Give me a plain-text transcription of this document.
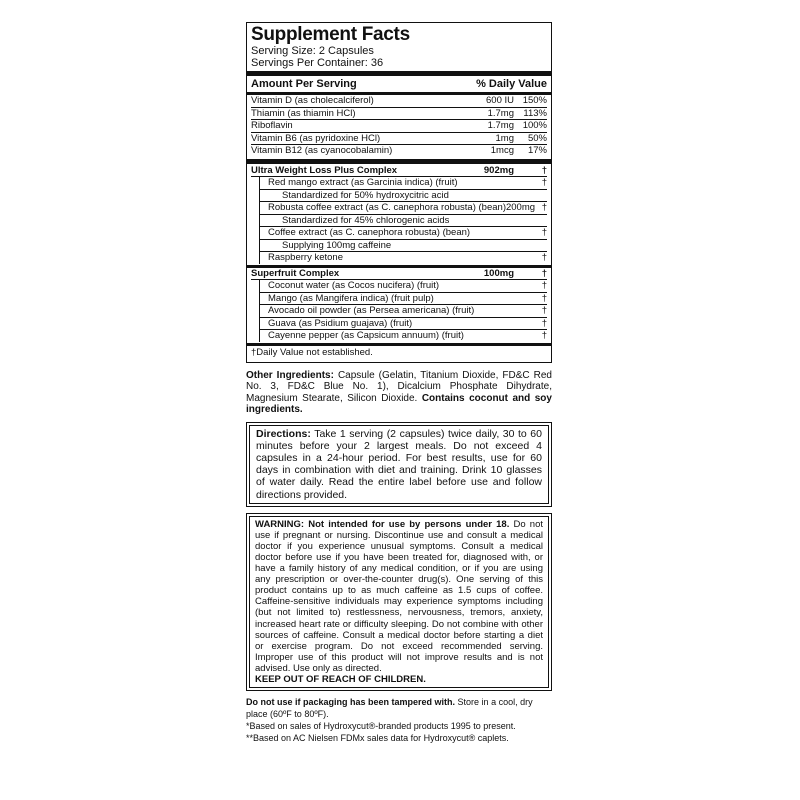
Supplement Facts
Serving Size: 2 Capsules
Servings Per Container: 36
Amount Per Serving	% Daily Value
Vitamin D (as cholecalciferol)	600 IU 150%
Thiamin (as thiamin HCl)	1.7mg 113%
Riboflavin	1.7mg 100%
Vitamin B6 (as pyridoxine HCl)	1mg	50%
Vitamin B12 (as cyanocobalamin)	1mcg	17%
Ultra Weight Loss Plus Complex	902mg	†
Red mango extract (as Garcinia indica) (fruit)	†
Standardized for 50% hydroxycitric acid
Robusta coffee extract (as C. canephora robusta) (bean) 200mg †
Standardized for 45% chlorogenic acids
Coffee extract (as C. canephora robusta) (bean)	†
Supplying 100mg caffeine
Raspberry ketone	†
Superfruit Complex	100mg	†
Coconut water (as Cocos nucifera) (fruit)	†
Mango (as Mangifera indica) (fruit pulp)	†
Avocado oil powder (as Persea americana) (fruit)	†
Guava (as Psidium guajava) (fruit)	†
Cayenne pepper (as Capsicum annuum) (fruit)	†
†Daily Value not established.
Other Ingredients: Capsule (Gelatin, Titanium Dioxide, FD&C Red No. 3, FD&C Blue No. 1), Dicalcium Phosphate Dihydrate, Magnesium Stearate, Silicon Dioxide. Contains coconut and soy ingredients.
Directions: Take 1 serving (2 capsules) twice daily, 30 to 60 minutes before your 2 largest meals. Do not exceed 4 capsules in a 24-hour period. For best results, use for 60 days in combination with diet and training. Drink 10 glasses of water daily. Read the entire label before use and follow directions provided.
WARNING: Not intended for use by persons under 18. Do not use if pregnant or nursing. Discontinue use and consult a medical doctor if you experience unusual symptoms. Consult a medical doctor before use if you have been treated for, diagnosed with, or have a family history of any medical condition, or if you are using any prescription or over-the-counter drug(s). One serving of this product contains up to as much caffeine as 1.5 cups of coffee. Caffeine-sensitive individuals may experience symptoms including (but not limited to) restlessness, nervousness, tremors, anxiety, increased heart rate or difficulty sleeping. Do not combine with other sources of caffeine. Consult a medical doctor before starting a diet or exercise program. Do not exceed recommended serving. Improper use of this product will not improve results and is not advised. Use only as directed.
KEEP OUT OF REACH OF CHILDREN.
Do not use if packaging has been tampered with. Store in a cool, dry place (60ºF to 80ºF).
*Based on sales of Hydroxycut®-branded products 1995 to present.
**Based on AC Nielsen FDMx sales data for Hydroxycut® caplets.
